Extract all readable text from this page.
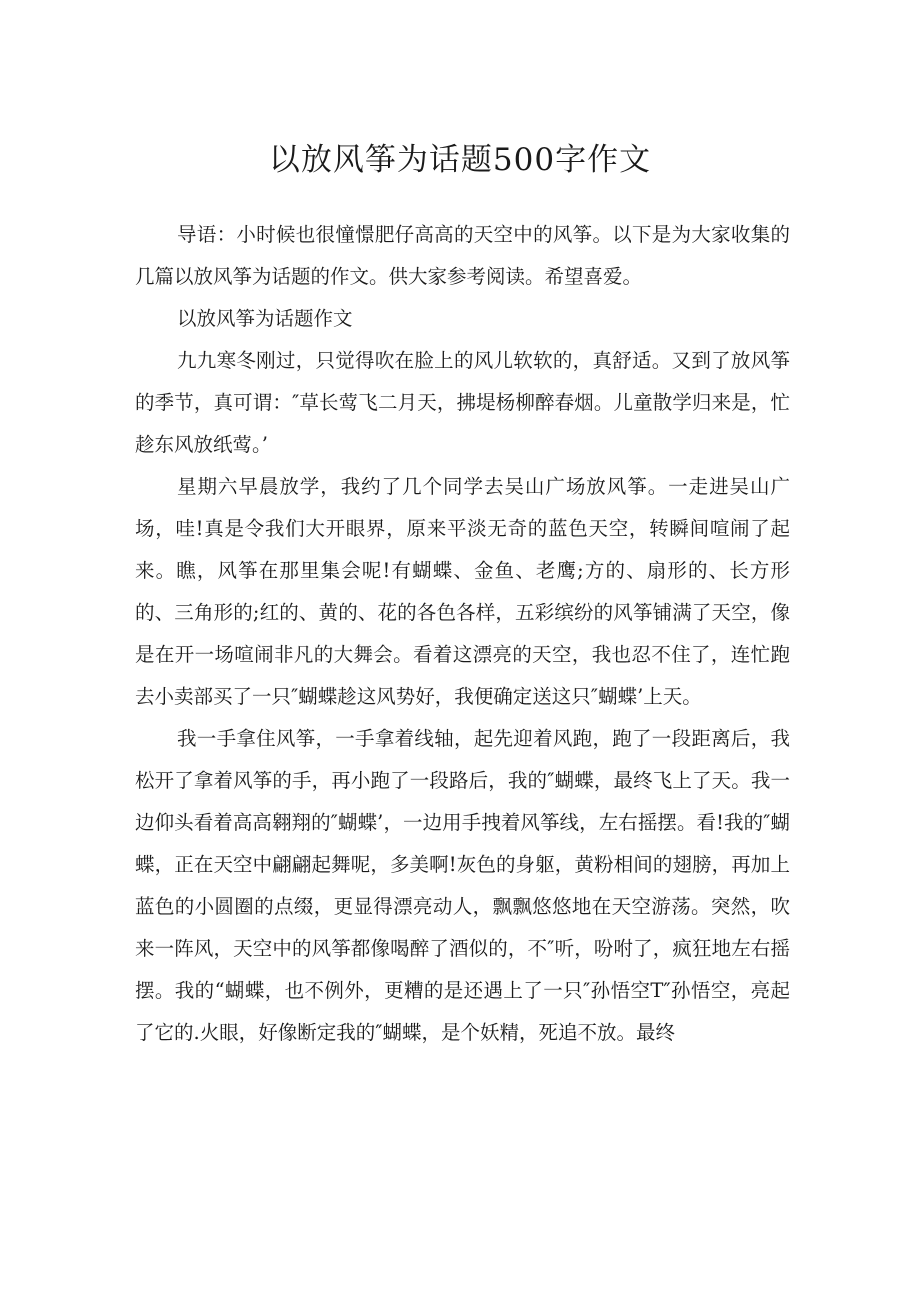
以放风筝为话题500字作文

导语：小时候也很憧憬肥仔高高的天空中的风筝。以下是为大家收集的几篇以放风筝为话题的作文。供大家参考阅读。希望喜爱。

以放风筝为话题作文

九九寒冬刚过，只觉得吹在脸上的风儿软软的，真舒适。又到了放风筝的季节，真可谓：″草长莺飞二月天，拂堤杨柳醉春烟。儿童散学归来是，忙趁东风放纸莺。’

星期六早晨放学，我约了几个同学去吴山广场放风筝。一走进吴山广场，哇!真是令我们大开眼界，原来平淡无奇的蓝色天空，转瞬间喧闹了起来。瞧，风筝在那里集会呢!有蝴蝶、金鱼、老鹰;方的、扇形的、长方形的、三角形的;红的、黄的、花的各色各样，五彩缤纷的风筝铺满了天空，像是在开一场喧闹非凡的大舞会。看着这漂亮的天空，我也忍不住了，连忙跑去小卖部买了一只″蝴蝶趁这风势好，我便确定送这只″蝴蝶’上天。

我一手拿住风筝，一手拿着线轴，起先迎着风跑，跑了一段距离后，我松开了拿着风筝的手，再小跑了一段路后，我的″蝴蝶，最终飞上了天。我一边仰头看着高高翱翔的″蝴蝶’，一边用手拽着风筝线，左右摇摆。看!我的″蝴蝶，正在天空中翩翩起舞呢，多美啊!灰色的身躯，黄粉相间的翅膀，再加上蓝色的小圆圈的点缀，更显得漂亮动人，飘飘悠悠地在天空游荡。突然，吹来一阵风，天空中的风筝都像喝醉了酒似的，不″听，吩咐了，疯狂地左右摇摆。我的“蝴蝶，也不例外，更糟的是还遇上了一只″孙悟空T″孙悟空，亮起了它的.火眼，好像断定我的″蝴蝶，是个妖精，死追不放。最终
